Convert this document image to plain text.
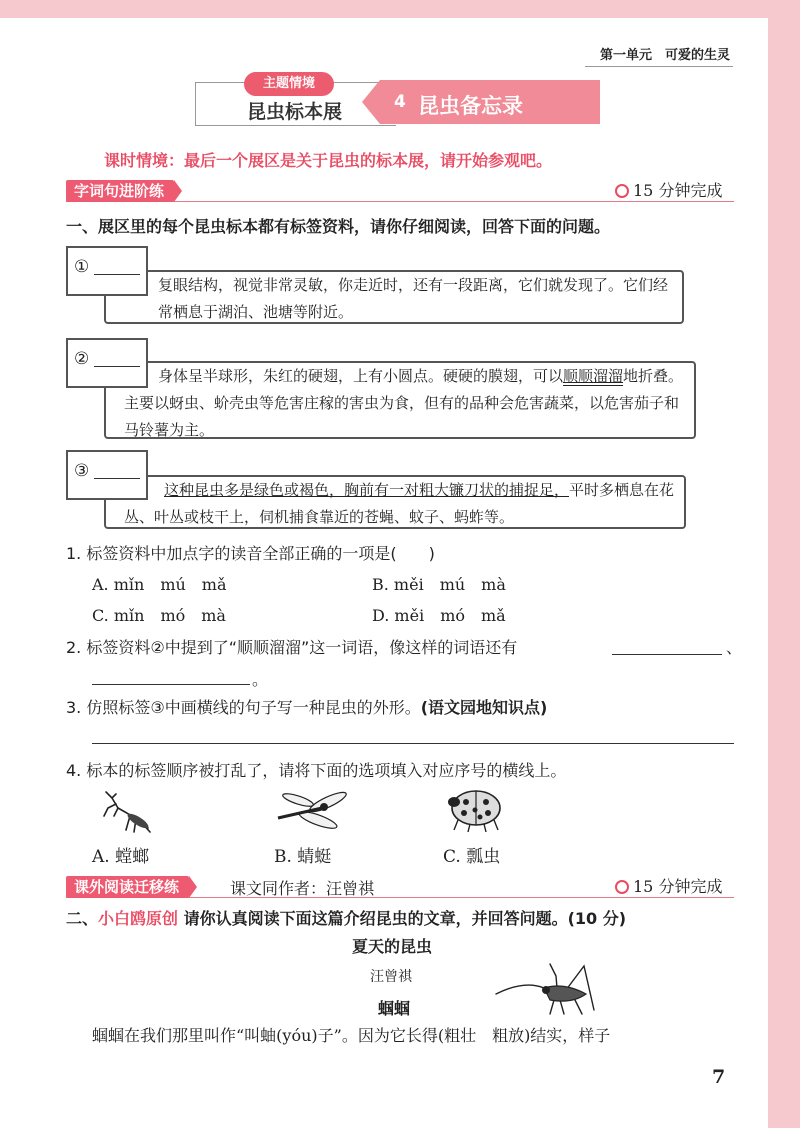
第一单元　可爱的生灵
主题情境
昆虫标本展	4 昆虫备忘录
课时情境：最后一个展区是关于昆虫的标本展，请开始参观吧。
字词句进阶练	15 分钟完成
一、展区里的每个昆虫标本都有标签资料，请你仔细阅读，回答下面的问题。
复眼结构，视觉非常灵敏，你走近时，还有一段距离，它们就发现了。它们经常栖息于湖泊、池塘等附近。
①
身体呈半球形，朱红的硬翅，上有小圆点。硬硬的膜翅，可以顺顺溜溜地折叠。主要以蚜虫、蚧壳虫等危害庄稼的害虫为食，但有的品种会危害蔬菜，以危害茄子和马铃薯为主。
②
这种昆虫多是绿色或褐色，胸前有一对粗大镰刀状的捕捉足，平时多栖息在花丛、叶丛或枝干上，伺机捕食靠近的苍蝇、蚊子、蚂蚱等。
③
1. 标签资料中加点字的读音全部正确的一项是(　　)
A. mǐn　mú　mǎ	B. měi　mú　mà
C. mǐn　mó　mà	D. měi　mó　mǎ
2. 标签资料②中提到了“顺顺溜溜”这一词语，像这样的词语还有	、
。
3. 仿照标签③中画横线的句子写一种昆虫的外形。(语文园地知识点)
4. 标本的标签顺序被打乱了，请将下面的选项填入对应序号的横线上。
A. 螳螂	B. 蜻蜓	C. 瓢虫
课外阅读迁移练	课文同作者：汪曾祺	15 分钟完成
二、小白鸥原创 请你认真阅读下面这篇介绍昆虫的文章，并回答问题。(10 分)
夏天的昆虫
汪曾祺
蝈蝈
蝈蝈在我们那里叫作“叫蚰(yóu)子”。因为它长得(粗壮　粗放)结实，样子
7
